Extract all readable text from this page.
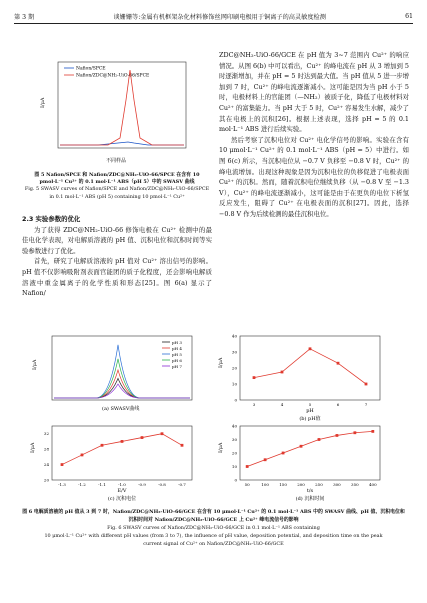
第 3 期	谈姗姗等:金属有机框架杂化材料修饰丝网印刷电极用于铜离子的高灵敏度检测	61
I/μA
Nafion/SPCE
Nafion/ZDC@NH₂-UiO-66/SPCE
不同样品
图 5 Nafion/SPCE 和 Nafion/ZDC@NH₂-UiO-66/SPCE 在含有 10 pmol·L⁻¹ Cu²⁺ 的 0.1 mol·L⁻¹ ABS（pH 5）中的 SWASV 曲线
Fig. 5 SWASV curves of Nafion/SPCE and Nafion/ZDC@NH₂-UiO-66/SPCE in 0.1 mol·L⁻¹ ABS (pH 5) containing 10 pmol·L⁻¹ Cu²⁺
2.3 实验参数的优化

为了获得 ZDC@NH₂-UiO-66 修饰电极在 Cu²⁺ 检测中的最佳电化学表现，对电解质溶液的 pH 值、沉积电位和沉积时间等实验参数进行了优化。

首先，研究了电解质溶液的 pH 值对 Cu²⁺ 溶出信号的影响。pH 值不仅影响吸附剂表面官能团的质子化程度，还会影响电解质溶液中重金属离子的化学性质和形态[25]。图 6(a) 显示了 Nafion/

ZDC@NH₂-UiO-66/GCE 在 pH 值为 3~7 范围内 Cu²⁺ 的响应情况。从图 6(b) 中可以看出，Cu²⁺ 的峰电流在 pH 从 3 增加到 5 时逐渐增加，并在 pH = 5 时达到最大值。当 pH 值从 5 进一步增加到 7 时，Cu²⁺ 的峰电流逐渐减小。这可能是因为当 pH 小于 5 时，电极材料上的官能团（—NH₂）被质子化，降低了电极材料对 Cu²⁺ 的富集能力。当 pH 大于 5 时，Cu²⁺ 容易发生水解，减少了其在电极上的沉积[26]。根据上述表现，选择 pH = 5 的 0.1 mol·L⁻¹ ABS 进行后续实验。

然后考察了沉积电位对 Cu²⁺ 电化学信号的影响。实验在含有 10 μmol·L⁻¹ Cu²⁺ 的 0.1 mol·L⁻¹ ABS（pH = 5）中进行。如图 6(c) 所示，当沉积电位从 −0.7 V 负移至 −0.8 V 时，Cu²⁺ 的峰电流增加。出现这种现象是因为沉积电位的负移促进了电极表面 Cu²⁺ 的沉积。然而，随着沉积电位继续负移（从 −0.8 V 至 −1.3 V），Cu²⁺ 的峰电流逐渐减小，这可能是由于在更负的电位下析氢反应发生，阻碍了 Cu²⁺ 在电极表面的沉积[27]。因此，选择 −0.8 V 作为后续检测的最佳沉积电位。

I/μA
pH 3
pH 4
pH 5
pH 6
pH 7
(a) SWASV曲线
I/μA
0
10
20
30
40
3	4	5	6	7
pH
(b) pH值
I/μA
20
24
28
32
-1.3	-1.2	-1.1	-1.0	-0.9	-0.8	-0.7
E/V
(c) 沉积电位
I/μA
0
10
20
30
40
50	100	150	200	250	300	350	400
t/s
(d) 沉积时间
图 6 电解质溶液的 pH 值从 3 到 7 时，Nafion/ZDC@NH₂-UiO-66/GCE 在含有 10 μmol·L⁻¹ Cu²⁺ 的 0.1 mol·L⁻¹ ABS 中的 SWASV 曲线、pH 值、沉积电位和沉积时间对 Nafion/ZDC@NH₂-UiO-66/GCE 上 Cu²⁺ 峰电流信号的影响
Fig. 6 SWASV curves of Nafion/ZDC@NH₂-UiO-66/GCE in 0.1 mol·L⁻¹ ABS containing
10 μmol·L⁻¹ Cu²⁺ with different pH values (from 3 to 7), the influence of pH value, deposition potential, and deposition time on the peak
current signal of Cu²⁺ on Nafion/ZDC@NH₂-UiO-66/GCE
